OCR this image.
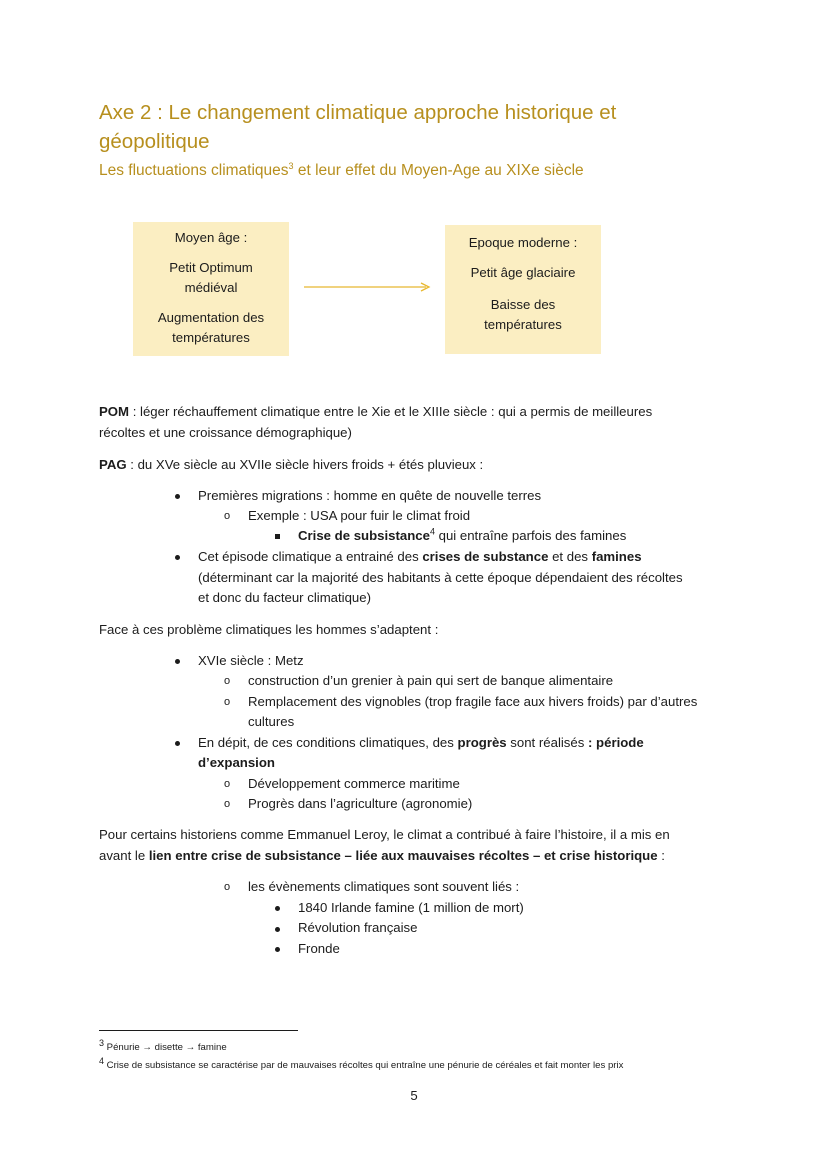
Axe 2 : Le changement climatique approche historique et géopolitique
Les fluctuations climatiques$^3$ et leur effet du Moyen-Age au XIXe siècle

Moyen âge :

Petit Optimum médiéval

Augmentation des températures

Epoque moderne :

Petit âge glaciaire

Baisse des températures

POM : léger réchauffement climatique entre le Xie et le XIIIe siècle : qui a permis de meilleures
récoltes et une croissance démographique)
PAG : du XVe siècle au XVIIe siècle hivers froids + étés pluvieux :
Premières migrations : homme en quête de nouvelle terres
o Exemple : USA pour fuir le climat froid
Crise de subsistance$^4$ qui entraîne parfois des famines
Cet épisode climatique a entrainé des crises de substance et des famines
(déterminant car la majorité des habitants à cette époque dépendaient des récoltes
et donc du facteur climatique)
Face à ces problème climatiques les hommes s’adaptent :
XVIe siècle : Metz
o construction d’un grenier à pain qui sert de banque alimentaire
o Remplacement des vignobles (trop fragile face aux hivers froids) par d’autres
cultures
En dépit, de ces conditions climatiques, des progrès sont réalisés : période
d’expansion
o Développement commerce maritime
o Progrès dans l’agriculture (agronomie)
Pour certains historiens comme Emmanuel Leroy, le climat a contribué à faire l’histoire, il a mis en
avant le lien entre crise de subsistance – liée aux mauvaises récoltes – et crise historique :
o les évènements climatiques sont souvent liés :
1840 Irlande famine (1 million de mort)
Révolution française
Fronde
$^3$ Pénurie → disette → famine
$^4$ Crise de subsistance se caractérise par de mauvaises récoltes qui entraîne une pénurie de céréales et fait monter les prix
5
